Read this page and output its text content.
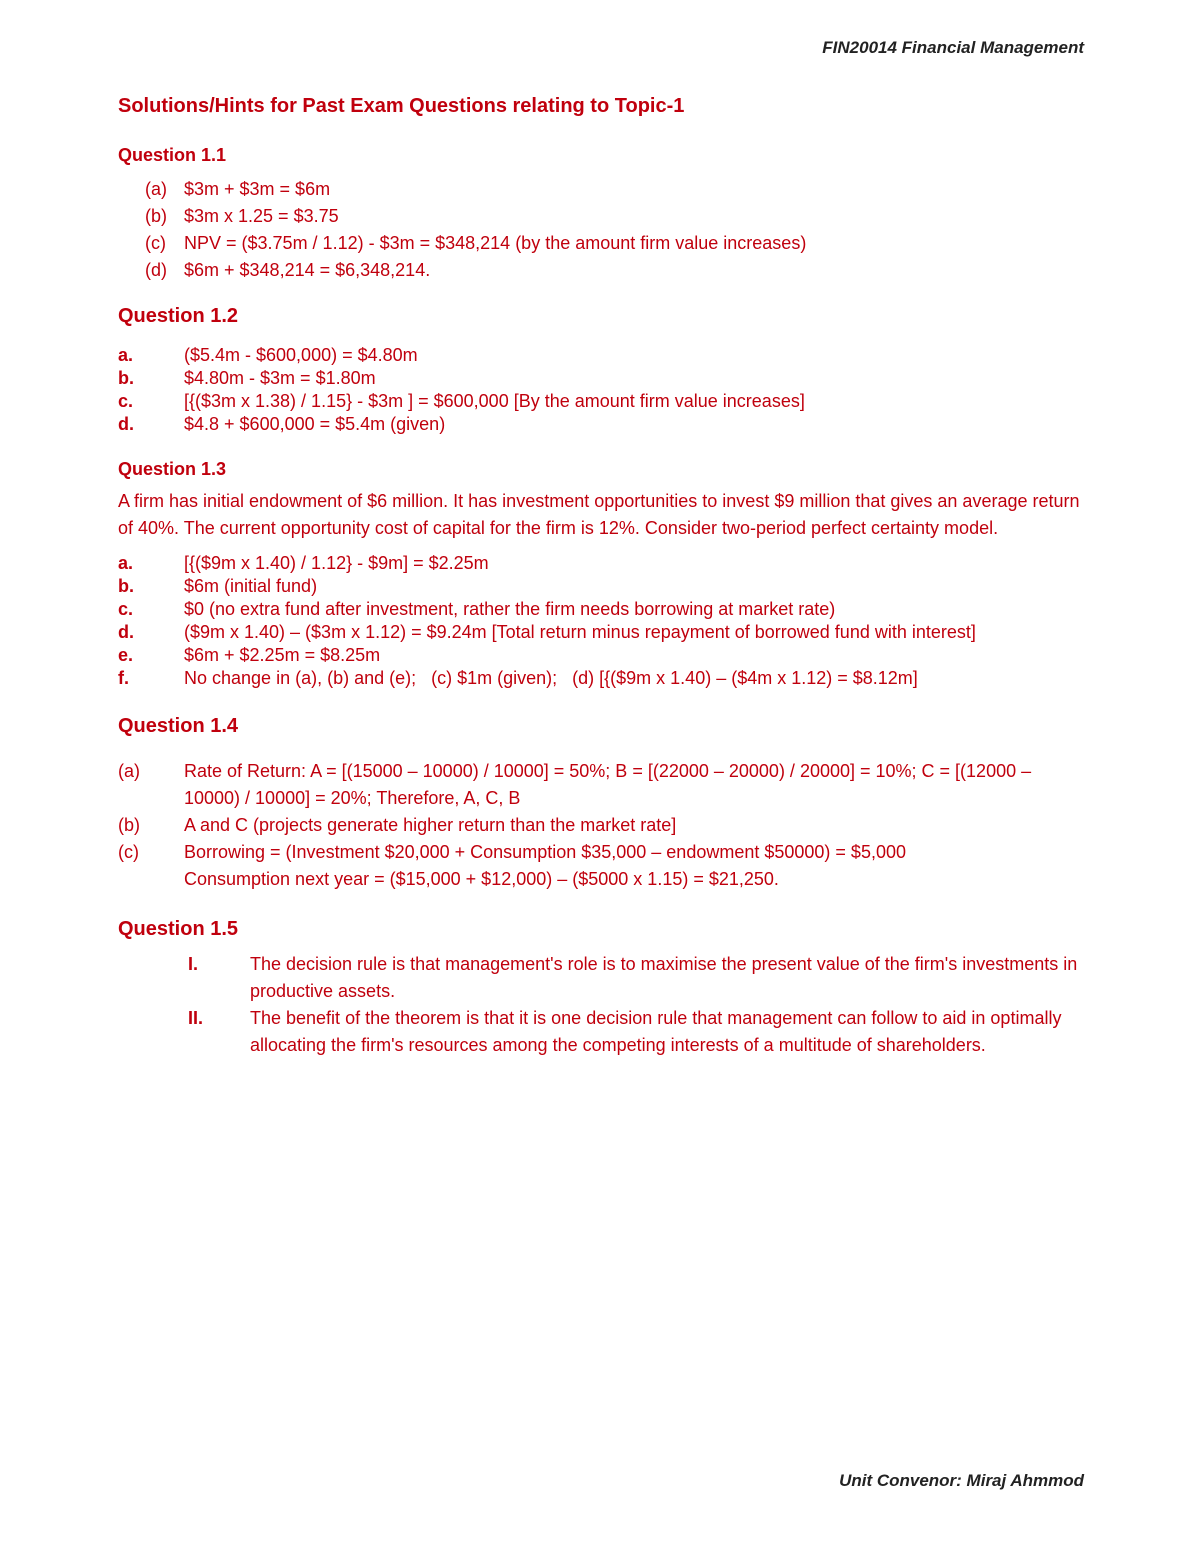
FIN20014 Financial Management
Solutions/Hints for Past Exam Questions relating to Topic-1
Question 1.1
(a) $3m + $3m = $6m
(b) $3m x 1.25 = $3.75
(c)	NPV = ($3.75m / 1.12) - $3m = $348,214 (by the amount firm value increases)
(d) $6m + $348,214 = $6,348,214.
Question 1.2
a.	($5.4m - $600,000) = $4.80m
b.	$4.80m - $3m = $1.80m
c.	[{($3m x 1.38) / 1.15} - $3m ] = $600,000 [By the amount firm value increases]
d.	$4.8 + $600,000 = $5.4m (given)
Question 1.3

A firm has initial endowment of $6 million. It has investment opportunities to invest $9 million that gives an average return of 40%. The current opportunity cost of capital for the firm is 12%. Consider two-period perfect certainty model.

a.	[{($9m x 1.40) / 1.12} - $9m] = $2.25m
b.	$6m (initial fund)
c.	$0 (no extra fund after investment, rather the firm needs borrowing at market rate)
d.	($9m x 1.40) – ($3m x 1.12) = $9.24m [Total return minus repayment of borrowed fund with interest]
e.	$6m + $2.25m = $8.25m
f.	No change in (a), (b) and (e);   (c) $1m (given);   (d) [{($9m x 1.40) – ($4m x 1.12) = $8.12m]
Question 1.4
(a)	Rate of Return: A = [(15000 – 10000) / 10000] = 50%; B = [(22000 – 20000) / 20000] = 10%; C = [(12000 – 10000) / 10000] = 20%; Therefore, A, C, B
(b)	A and C (projects generate higher return than the market rate]
(c)	Borrowing = (Investment $20,000 + Consumption $35,000 – endowment $50000) = $5,000
Consumption next year = ($15,000 + $12,000) – ($5000 x 1.15) = $21,250.
Question 1.5
I.	The decision rule is that management's role is to maximise the present value of the firm's investments in productive assets.
II.	The benefit of the theorem is that it is one decision rule that management can follow to aid in optimally allocating the firm's resources among the competing interests of a multitude of shareholders.
Unit Convenor: Miraj Ahmmod
